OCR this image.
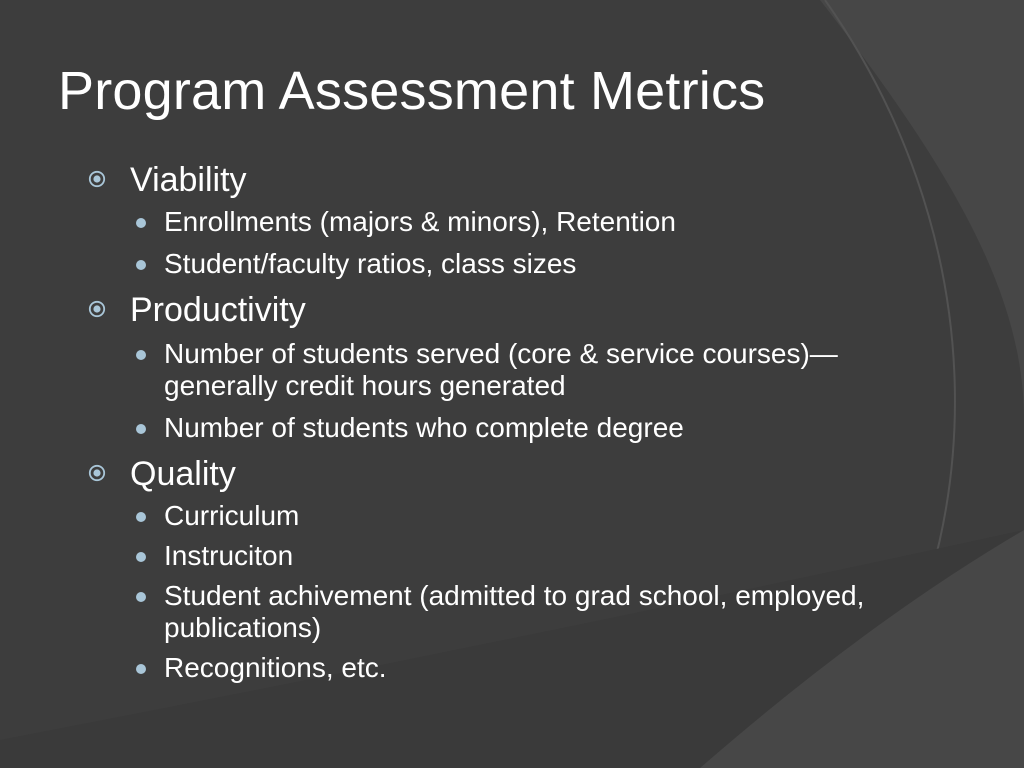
Program Assessment Metrics
Viability
Enrollments (majors & minors), Retention
Student/faculty ratios, class sizes
Productivity
Number of students served (core & service courses)—generally credit hours generated
Number of students who complete degree
Quality
Curriculum
Instruciton
Student achivement (admitted to grad school, employed, publications)
Recognitions, etc.
